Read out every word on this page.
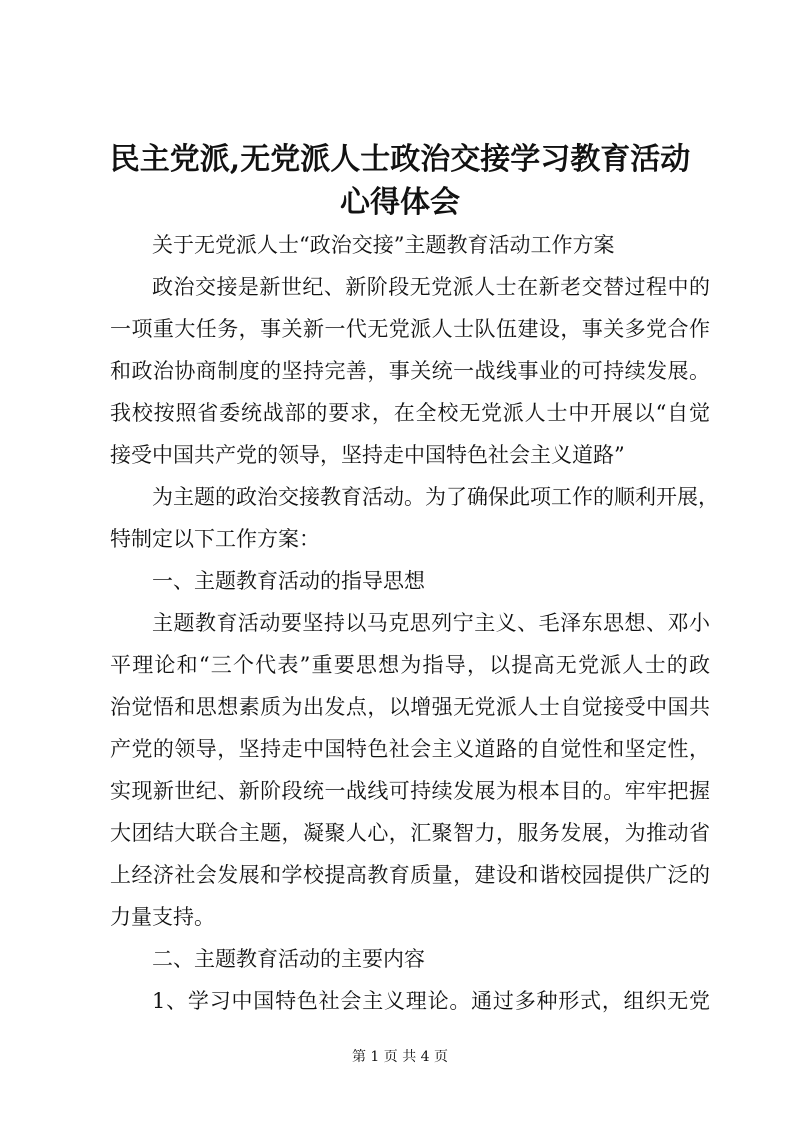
民主党派,无党派人士政治交接学习教育活动
心得体会
关于无党派人士“政治交接”主题教育活动工作方案
政治交接是新世纪、新阶段无党派人士在新老交替过程中的
一项重大任务，事关新一代无党派人士队伍建设，事关多党合作
和政治协商制度的坚持完善，事关统一战线事业的可持续发展。
我校按照省委统战部的要求，在全校无党派人士中开展以“自觉
接受中国共产党的领导，坚持走中国特色社会主义道路”
为主题的政治交接教育活动。为了确保此项工作的顺利开展，
特制定以下工作方案：
一、主题教育活动的指导思想
主题教育活动要坚持以马克思列宁主义、毛泽东思想、邓小
平理论和“三个代表”重要思想为指导，以提高无党派人士的政
治觉悟和思想素质为出发点，以增强无党派人士自觉接受中国共
产党的领导，坚持走中国特色社会主义道路的自觉性和坚定性，
实现新世纪、新阶段统一战线可持续发展为根本目的。牢牢把握
大团结大联合主题，凝聚人心，汇聚智力，服务发展，为推动省
上经济社会发展和学校提高教育质量，建设和谐校园提供广泛的
力量支持。
二、主题教育活动的主要内容
1、学习中国特色社会主义理论。通过多种形式，组织无党
第 1 页 共 4 页
